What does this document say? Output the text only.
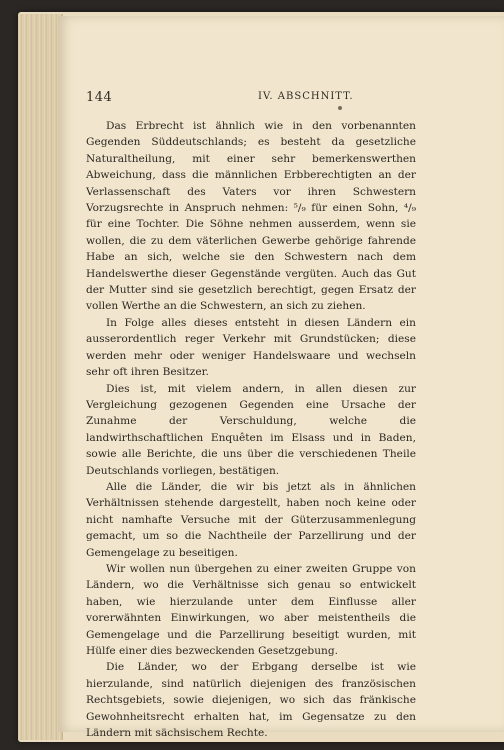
144	IV. ABSCHNITT.

Das Erbrecht ist ähnlich wie in den vorbenannten Gegenden Süddeutschlands; es besteht da gesetzliche Naturaltheilung, mit einer sehr bemerkenswerthen Abweichung, dass die männlichen Erbberechtigten an der Verlassenschaft des Vaters vor ihren Schwestern Vorzugsrechte in Anspruch nehmen: ⁵/₉ für einen Sohn, ⁴/₉ für eine Tochter. Die Söhne nehmen ausserdem, wenn sie wollen, die zu dem väterlichen Gewerbe gehörige fahrende Habe an sich, welche sie den Schwestern nach dem Handelswerthe dieser Gegenstände vergüten. Auch das Gut der Mutter sind sie gesetzlich berechtigt, gegen Ersatz der vollen Werthe an die Schwestern, an sich zu ziehen.

In Folge alles dieses entsteht in diesen Ländern ein ausserordentlich reger Verkehr mit Grundstücken; diese werden mehr oder weniger Handelswaare und wechseln sehr oft ihren Besitzer.

Dies ist, mit vielem andern, in allen diesen zur Vergleichung gezogenen Gegenden eine Ursache der Zunahme der Verschuldung, welche die landwirthschaftlichen Enquêten im Elsass und in Baden, sowie alle Berichte, die uns über die verschiedenen Theile Deutschlands vorliegen, bestätigen.

Alle die Länder, die wir bis jetzt als in ähnlichen Verhältnissen stehende dargestellt, haben noch keine oder nicht namhafte Versuche mit der Güterzusammenlegung gemacht, um so die Nachtheile der Parzellirung und der Gemengelage zu beseitigen.

Wir wollen nun übergehen zu einer zweiten Gruppe von Ländern, wo die Verhältnisse sich genau so entwickelt haben, wie hierzulande unter dem Einflusse aller vorerwähnten Einwirkungen, wo aber meistentheils die Gemengelage und die Parzellirung beseitigt wurden, mit Hülfe einer dies bezweckenden Gesetzgebung.

Die Länder, wo der Erbgang derselbe ist wie hierzulande, sind natürlich diejenigen des französischen Rechtsgebiets, sowie diejenigen, wo sich das fränkische Gewohnheitsrecht erhalten hat, im Gegensatze zu den Ländern mit sächsischem Rechte.
